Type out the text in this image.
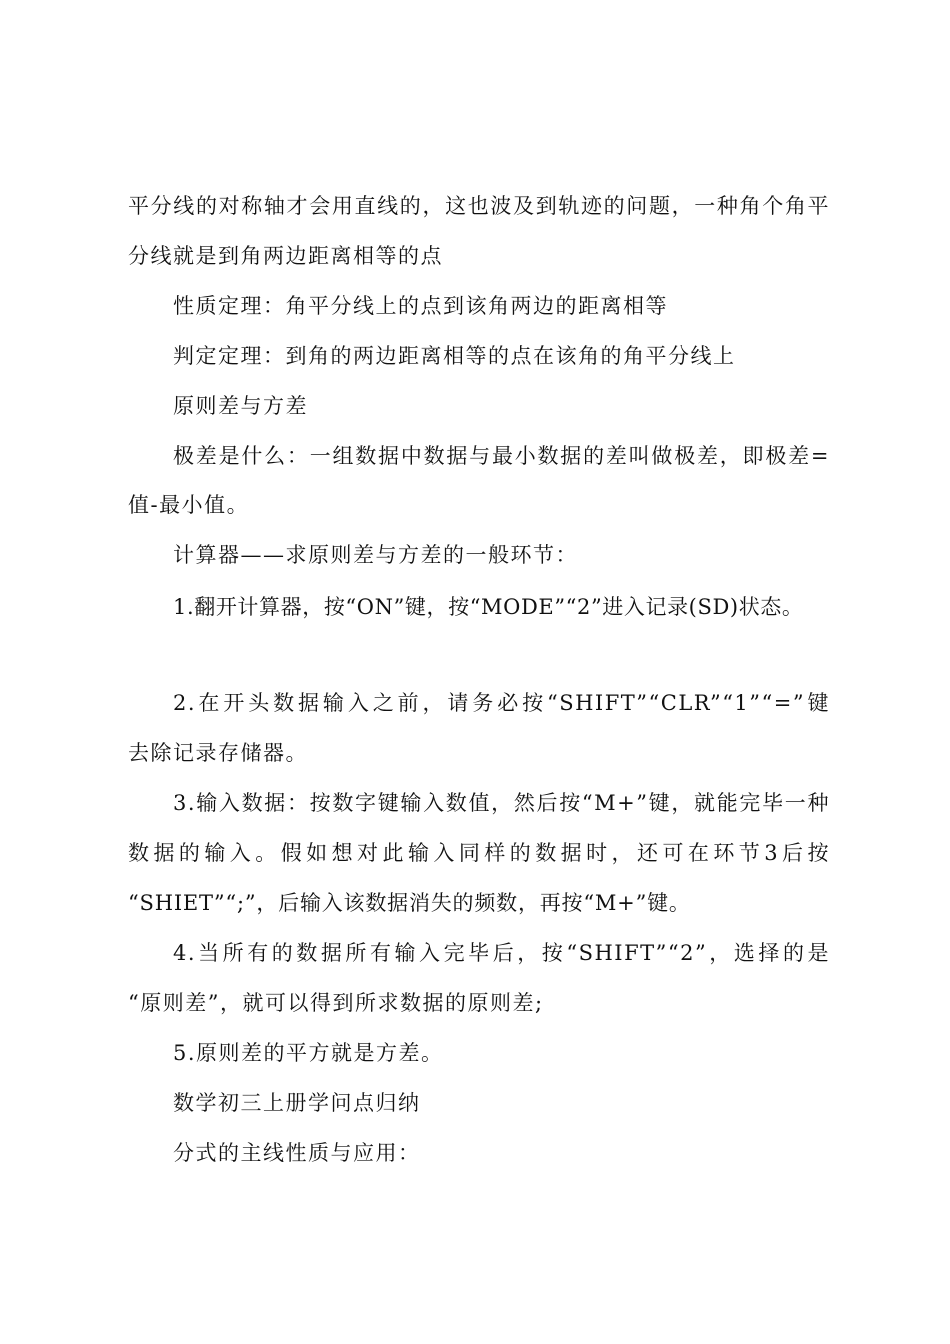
平分线的对称轴才会用直线的，这也波及到轨迹的问题，一种角个角平
分线就是到角两边距离相等的点
性质定理：角平分线上的点到该角两边的距离相等
判定定理：到角的两边距离相等的点在该角的角平分线上
原则差与方差
极差是什么：一组数据中数据与最小数据的差叫做极差，即极差=
值-最小值。
计算器——求原则差与方差的一般环节：
1.翻开计算器，按“ON”键，按“MODE”“2”进入记录(SD)状态。
2.在开头数据输入之前，请务必按“SHIFT”“CLR”“1”“=”键
去除记录存储器。
3.输入数据：按数字键输入数值，然后按“M+”键，就能完毕一种
数据的输入。假如想对此输入同样的数据时，还可在环节3后按
“SHIET”“;”，后输入该数据消失的频数，再按“M+”键。
4.当所有的数据所有输入完毕后，按“SHIFT”“2”，选择的是
“原则差”，就可以得到所求数据的原则差;
5.原则差的平方就是方差。
数学初三上册学问点归纳
分式的主线性质与应用：
